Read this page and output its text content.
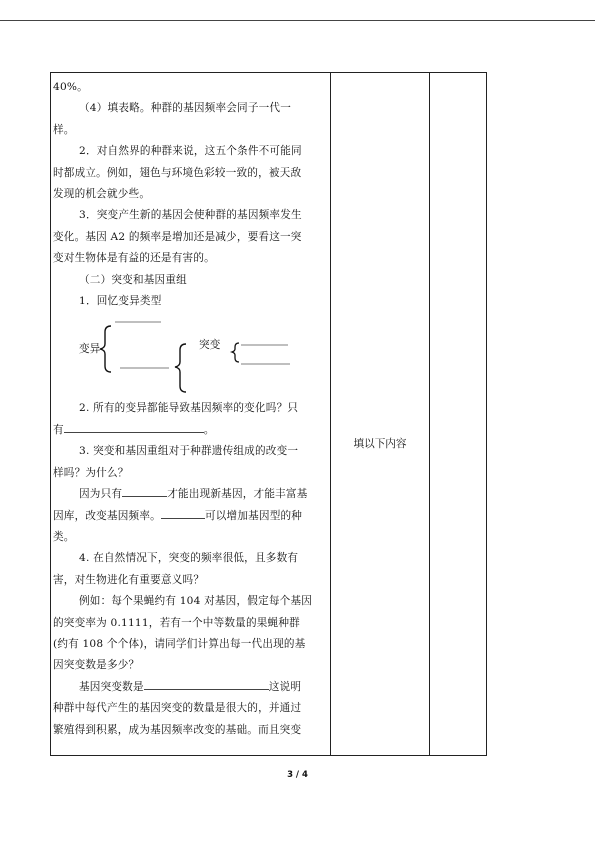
40%。

（4）填表略。种群的基因频率会同子一代一

样。

2．对自然界的种群来说，这五个条件不可能同

时都成立。例如，翅色与环境色彩较一致的，被天敌

发现的机会就少些。

3．突变产生新的基因会使种群的基因频率发生

变化。基因 A2 的频率是增加还是减少，要看这一突

变对生物体是有益的还是有害的。

（二）突变和基因重组

1．回忆变异类型

变异	突变

2. 所有的变异都能导致基因频率的变化吗？只

有	。

3. 突变和基因重组对于种群遗传组成的改变一

样吗？为什么？

因为只有	才能出现新基因，才能丰富基

因库，改变基因频率。	可以增加基因型的种

类。

4. 在自然情况下，突变的频率很低，且多数有

害，对生物进化有重要意义吗？

例如：每个果蝇约有 104 对基因，假定每个基因

的突变率为 0.1111，若有一个中等数量的果蝇种群

(约有 108 个个体)，请同学们计算出每一代出现的基

因突变数是多少？

基因突变数是	这说明

种群中每代产生的基因突变的数量是很大的，并通过

繁殖得到积累，成为基因频率改变的基础。而且突变

填以下内容
3 / 4
